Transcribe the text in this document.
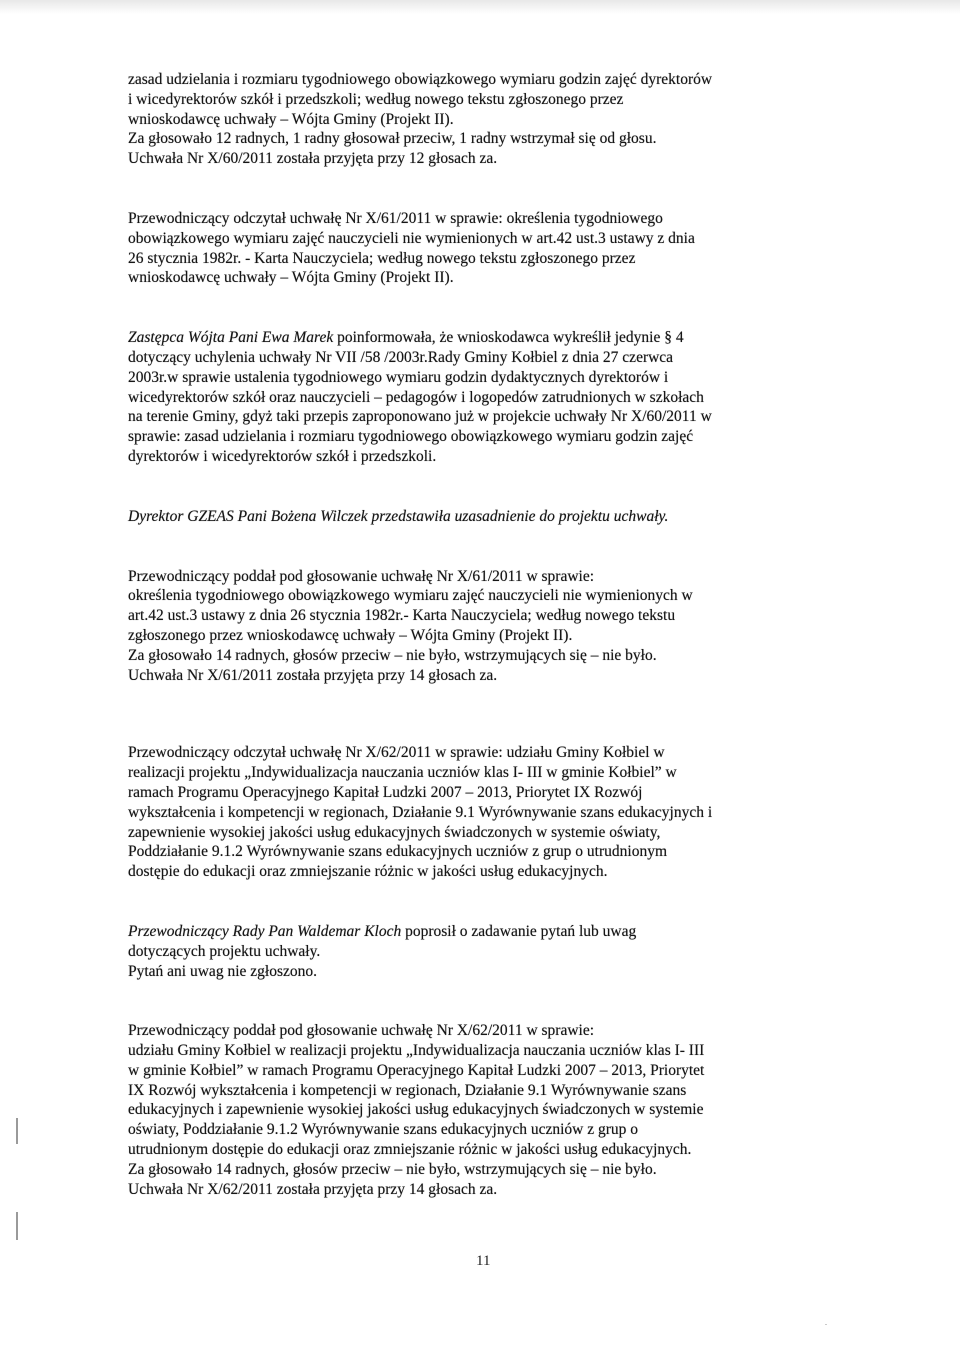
zasad udzielania i rozmiaru tygodniowego obowiązkowego wymiaru godzin zajęć dyrektorów
i wicedyrektorów szkół i przedszkoli; według nowego tekstu zgłoszonego przez
wnioskodawcę uchwały – Wójta Gminy (Projekt II).
Za głosowało 12 radnych, 1 radny głosował przeciw, 1 radny wstrzymał się od głosu.
Uchwała Nr X/60/2011 została przyjęta przy 12 głosach za.

Przewodniczący odczytał uchwałę Nr X/61/2011 w sprawie: określenia tygodniowego
obowiązkowego wymiaru zajęć nauczycieli nie wymienionych w art.42 ust.3 ustawy z dnia
26 stycznia 1982r. - Karta Nauczyciela; według nowego tekstu zgłoszonego przez
wnioskodawcę uchwały – Wójta Gminy (Projekt II).

Zastępca Wójta Pani Ewa Marek poinformowała, że wnioskodawca wykreślił jedynie § 4
dotyczący uchylenia uchwały Nr VII /58 /2003r.Rady Gminy Kołbiel z dnia 27 czerwca
2003r.w sprawie ustalenia tygodniowego wymiaru godzin dydaktycznych dyrektorów i
wicedyrektorów szkół oraz nauczycieli – pedagogów i logopedów zatrudnionych w szkołach
na terenie Gminy, gdyż taki przepis zaproponowano już w projekcie uchwały Nr X/60/2011 w
sprawie: zasad udzielania i rozmiaru tygodniowego obowiązkowego wymiaru godzin zajęć
dyrektorów i wicedyrektorów szkół i przedszkoli.

Dyrektor GZEAS Pani Bożena Wilczek przedstawiła uzasadnienie do projektu uchwały.

Przewodniczący poddał pod głosowanie uchwałę Nr X/61/2011 w sprawie:
określenia tygodniowego obowiązkowego wymiaru zajęć nauczycieli nie wymienionych w
art.42 ust.3 ustawy z dnia 26 stycznia 1982r.- Karta Nauczyciela; według nowego tekstu
zgłoszonego przez wnioskodawcę uchwały – Wójta Gminy (Projekt II).
Za głosowało 14 radnych, głosów przeciw – nie było, wstrzymujących się – nie było.
Uchwała Nr X/61/2011 została przyjęta przy 14 głosach za.

Przewodniczący odczytał uchwałę Nr X/62/2011 w sprawie: udziału Gminy Kołbiel w
realizacji projektu „Indywidualizacja nauczania uczniów klas I- III w gminie Kołbiel” w
ramach Programu Operacyjnego Kapitał Ludzki 2007 – 2013, Priorytet IX Rozwój
wykształcenia i kompetencji w regionach, Działanie 9.1 Wyrównywanie szans edukacyjnych i
zapewnienie wysokiej jakości usług edukacyjnych świadczonych w systemie oświaty,
Poddziałanie 9.1.2 Wyrównywanie szans edukacyjnych uczniów z grup o utrudnionym
dostępie do edukacji oraz zmniejszanie różnic w jakości usług edukacyjnych.

Przewodniczący Rady Pan Waldemar Kloch poprosił o zadawanie pytań lub uwag
dotyczących projektu uchwały.
Pytań ani uwag nie zgłoszono.

Przewodniczący poddał pod głosowanie uchwałę Nr X/62/2011 w sprawie:
udziału Gminy Kołbiel w realizacji projektu „Indywidualizacja nauczania uczniów klas I- III
w gminie Kołbiel” w ramach Programu Operacyjnego Kapitał Ludzki 2007 – 2013, Priorytet
IX Rozwój wykształcenia i kompetencji w regionach, Działanie 9.1 Wyrównywanie szans
edukacyjnych i zapewnienie wysokiej jakości usług edukacyjnych świadczonych w systemie
oświaty, Poddziałanie 9.1.2 Wyrównywanie szans edukacyjnych uczniów z grup o
utrudnionym dostępie do edukacji oraz zmniejszanie różnic w jakości usług edukacyjnych.
Za głosowało 14 radnych, głosów przeciw – nie było, wstrzymujących się – nie było.
Uchwała Nr X/62/2011 została przyjęta przy 14 głosach za.

11
